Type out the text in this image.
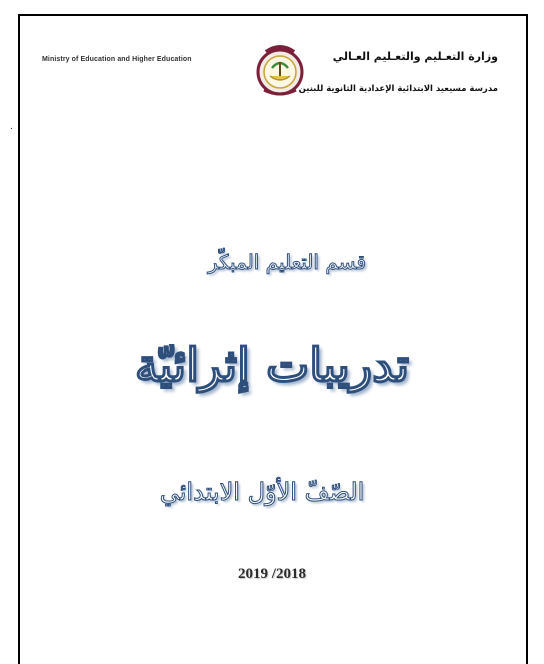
.
Ministry of Education and Higher Education	وزارة التعـليم والتعـليم العـالي
مدرسة مسيعيد الابتدائية الإعدادية الثانوية للبنين
قسم التعليم المبكّر
تدريبات إثرائيّة
الصّفّ الأوّل الابتدائي
2019 /2018
